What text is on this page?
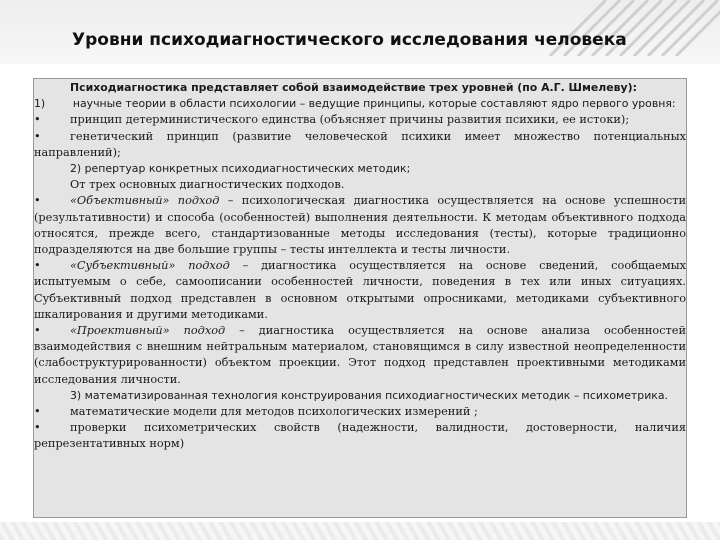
Уровни психодиагностического исследования человека

Психодиагностика представляет собой взаимодействие трех уровней (по А.Г. Шмелеву):

1)        научные теории в области психологии – ведущие принципы, которые составляют ядро первого уровня:

•	принцип детерминистического единства (объясняет причины развития психики, ее истоки);

•	генетический принцип (развитие человеческой психики имеет множество потенциальных направлений);

2) репертуар конкретных психодиагностических методик;

От трех основных диагностических подходов.

•	«Объективный» подход – психологическая диагностика осуществляется на основе успешности (результативности) и способа (особенностей) выполнения деятельности. К методам объективного подхода относятся, прежде всего, стандартизованные методы исследования (тесты), которые традиционно подразделяются на две большие группы – тесты интеллекта и тесты личности.

•	«Субъективный» подход – диагностика осуществляется на основе сведений, сообщаемых испытуемым о себе, самоописании особенностей личности, поведения в тех или иных ситуациях. Субъективный подход представлен в основном открытыми опросниками, методиками субъективного шкалирования и другими методиками.

•	«Проективный» подход – диагностика осуществляется на основе анализа особенностей взаимодействия с внешним нейтральным материалом, становящимся в силу известной неопределенности (слабоструктурированности) объектом проекции. Этот подход представлен проективными методиками исследования личности.

3) математизированная технология конструирования психодиагностических методик – психометрика.

•	математические модели для методов психологических измерений ;

•	проверки психометрических свойств (надежности, валидности, достоверности, наличия репрезентативных норм)
